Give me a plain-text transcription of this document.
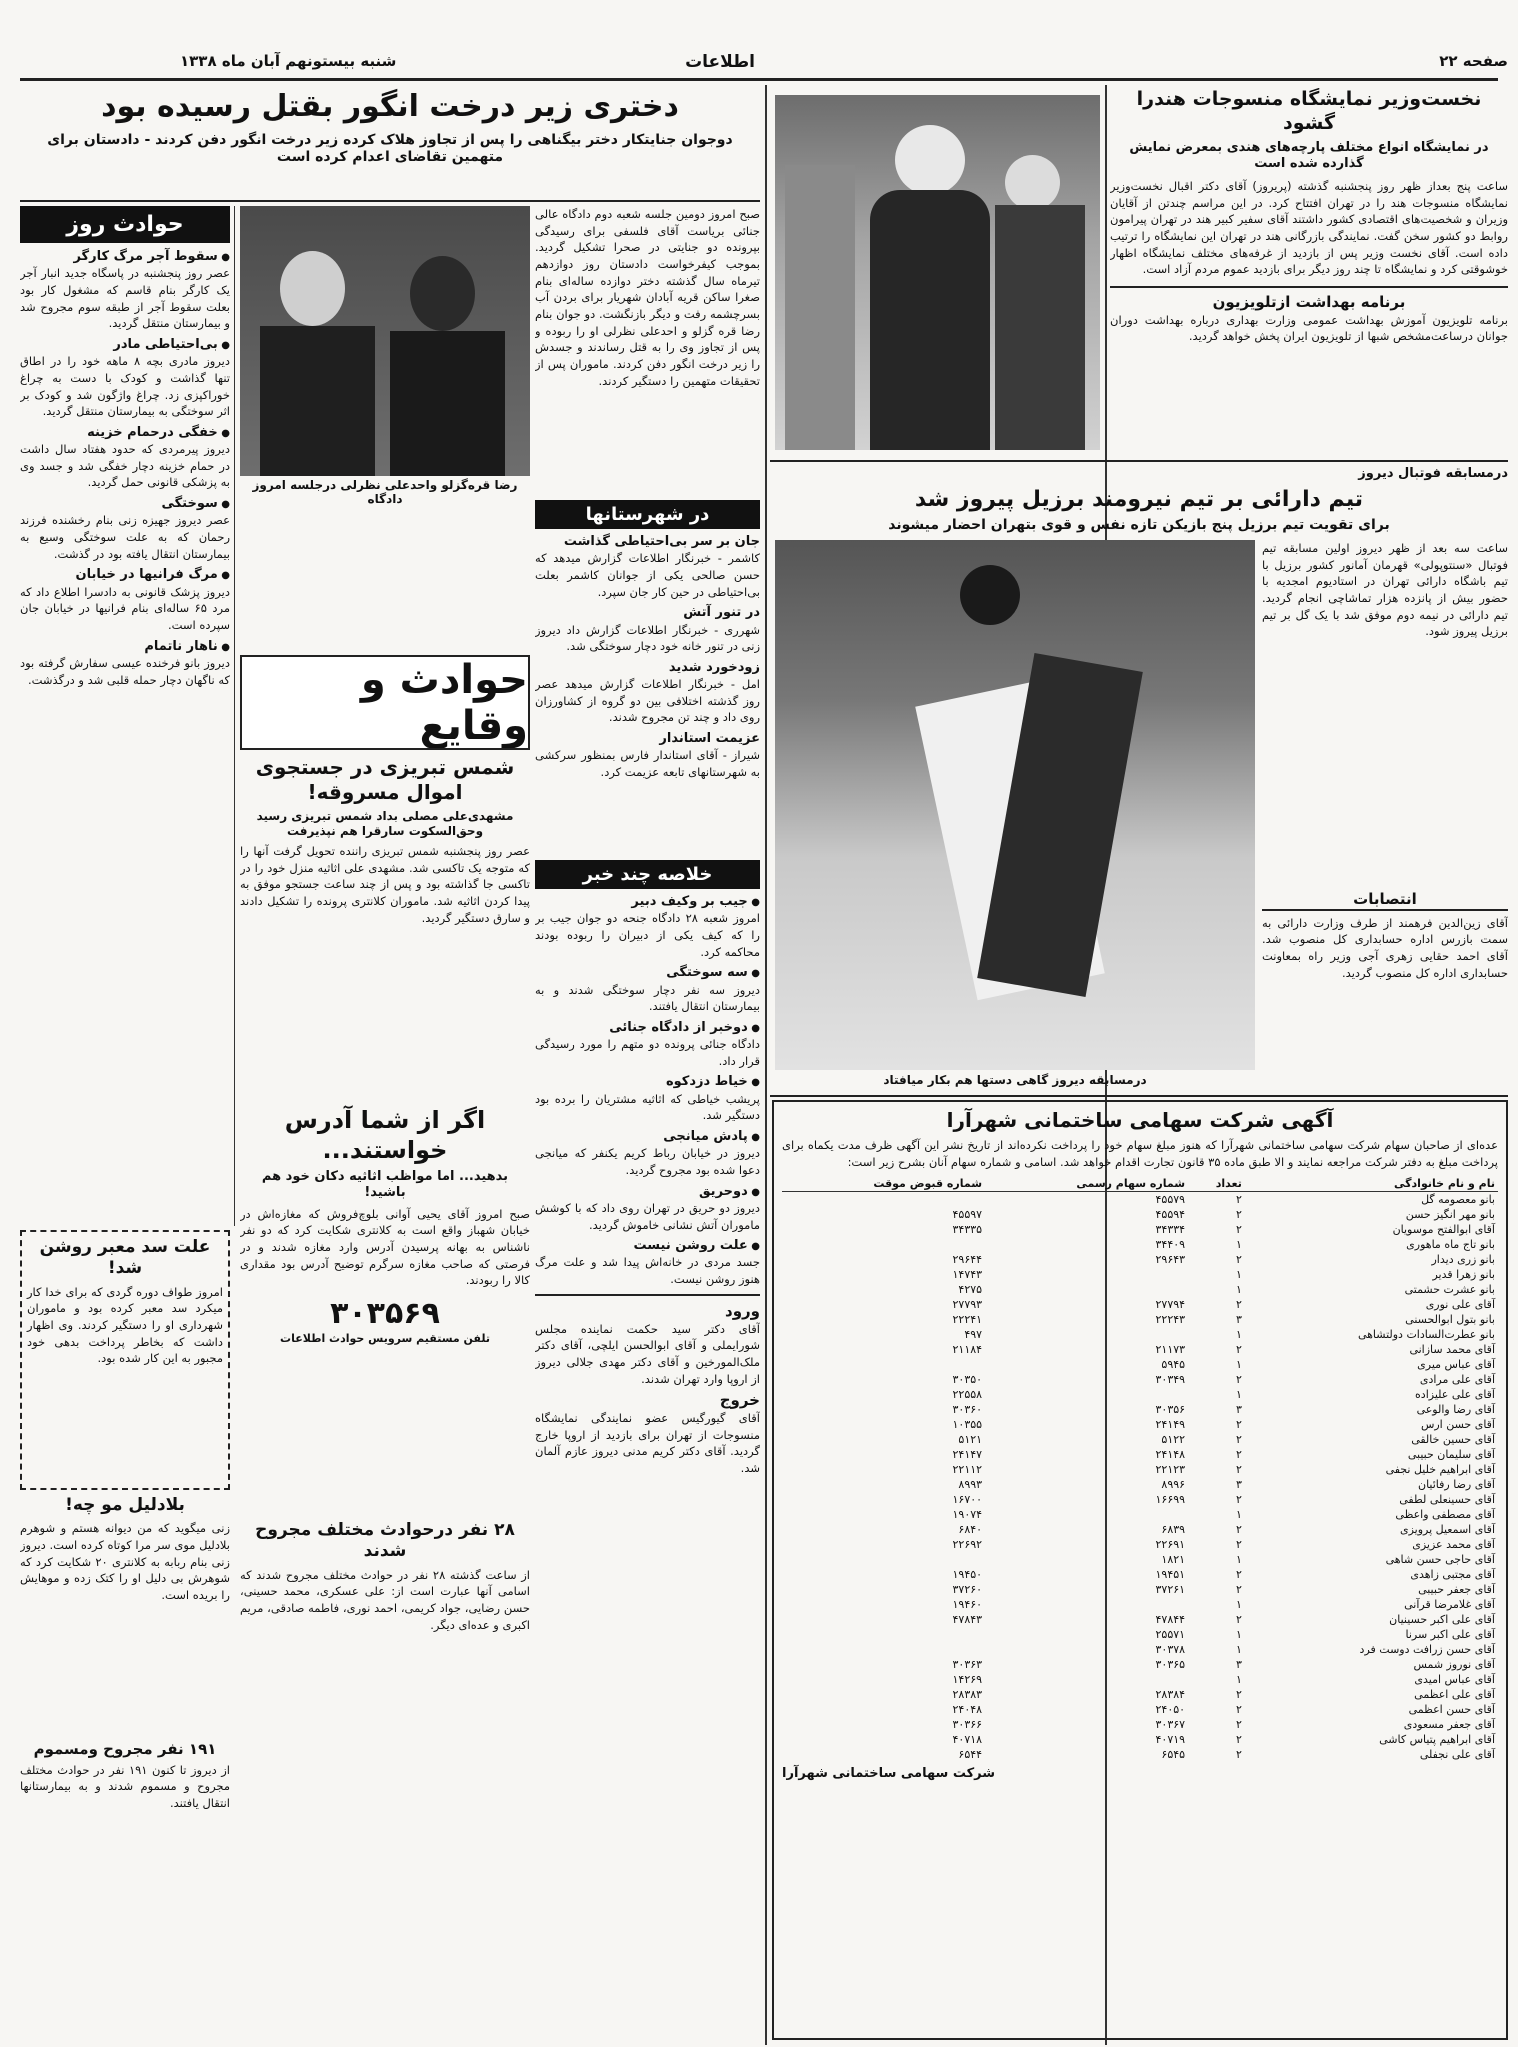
صفحه ۲۲
اطلاعات
شنبه بیستونهم آبان ماه ۱۳۳۸
نخست‌وزیر نمایشگاه منسوجات هندرا گشود
در نمایشگاه انواع مختلف پارچه‌های هندی بمعرض نمایش گذارده شده است
ساعت پنج بعداز ظهر روز پنجشنبه گذشته (پریروز) آقای دکتر اقبال نخست‌وزیر نمایشگاه منسوجات هند را در تهران افتتاح کرد. در این مراسم چندتن از آقایان وزیران و شخصیت‌های اقتصادی کشور داشتند آقای سفیر کبیر هند در تهران پیرامون روابط دو کشور سخن گفت. نمایندگی بازرگانی هند در تهران این نمایشگاه را ترتیب داده است. آقای نخست وزیر پس از بازدید از غرفه‌های مختلف نمایشگاه اظهار خوشوقتی کرد و نمایشگاه تا چند روز دیگر برای بازدید عموم مردم آزاد است.
برنامه بهداشت ازتلویزیون
برنامه تلویزیون آموزش بهداشت عمومی وزارت بهداری درباره بهداشت دوران جوانان درساعت‌مشخص شبها از تلویزیون ایران پخش خواهد گردید.
درمسابقه فوتبال دیروز
تیم دارائی بر تیم نیرومند برزیل پیروز شد
برای تقویت تیم برزیل پنج بازیکن تازه نفس و قوی بتهران احضار میشوند
درمسابقه دیروز گاهی دستها هم بکار میافتاد
ساعت سه بعد از ظهر دیروز اولین مسابقه تیم فوتبال «سنتوپولی» قهرمان آمانور کشور برزیل با تیم باشگاه دارائی تهران در استادیوم امجدیه با حضور بیش از پانزده هزار تماشاچی انجام گردید. تیم دارائی در نیمه دوم موفق شد با یک گل بر تیم برزیل پیروز شود.
انتصابات
آقای زین‌الدین فرهمند از طرف وزارت دارائی به سمت بازرس اداره حسابداری کل منصوب شد. آقای احمد حقایی زهری آجی وزیر راه بمعاونت حسابداری اداره کل منصوب گردید.
آگهی شرکت سهامی ساختمانی شهرآرا
عده‌ای از صاحبان سهام شرکت سهامی ساختمانی شهرآرا که هنوز مبلغ سهام خود را پرداخت نکرده‌اند از تاریخ نشر این آگهی ظرف مدت یکماه برای پرداخت مبلغ به دفتر شرکت مراجعه نمایند و الا طبق ماده ۳۵ قانون تجارت اقدام خواهد شد. اسامی و شماره سهام آنان بشرح زیر است:
نام و نام خانوادگی	تعداد	شماره سهام رسمی	شماره قبوض موقت
بانو معصومه گل	۲	۴۵۵۷۹	
بانو مهر انگیز حسن	۲	۴۵۵۹۴	۴۵۵۹۷
آقای ابوالفتح موسویان	۲	۳۴۳۳۴	۳۴۳۳۵
بانو تاج ماه ماهوری	۱	۳۴۴۰۹	
بانو زری دیدار	۲	۲۹۶۴۳	۲۹۶۴۴
بانو زهرا قدیر	۱		۱۴۷۴۳
بانو عشرت حشمتی	۱		۴۲۷۵
آقای علی نوری	۲	۲۷۷۹۴	۲۷۷۹۳
بانو بتول ابوالحسنی	۳	۲۲۲۴۳	۲۲۲۴۱
بانو عطرت‌السادات دولتشاهی	۱		۴۹۷
آقای محمد سازانی	۲	۲۱۱۷۳	۲۱۱۸۴
آقای عباس میری	۱	۵۹۴۵	
آقای علی مرادی	۲	۳۰۳۴۹	۳۰۳۵۰
آقای علی علیزاده	۱		۲۲۵۵۸
آقای رضا والوعی	۳	۳۰۳۵۶	۳۰۳۶۰
آقای حسن ارس	۲	۲۴۱۴۹	۱۰۳۵۵
آقای حسین خالقی	۲	۵۱۲۲	۵۱۲۱
آقای سلیمان حبیبی	۲	۲۴۱۴۸	۲۴۱۴۷
آقای ابراهیم خلیل نجفی	۲	۲۲۱۲۳	۲۲۱۱۲
آقای رضا رفائیان	۳	۸۹۹۶	۸۹۹۳
آقای حسینعلی لطفی	۲	۱۶۶۹۹	۱۶۷۰۰
آقای مصطفی واعظی	۱		۱۹۰۷۴
آقای اسمعیل پرویزی	۲	۶۸۳۹	۶۸۴۰
آقای محمد عزیزی	۲	۲۲۶۹۱	۲۲۶۹۲
آقای حاجی حسن شاهی	۱	۱۸۲۱	
آقای مجتبی زاهدی	۲	۱۹۴۵۱	۱۹۴۵۰
آقای جعفر حبیبی	۲	۳۷۲۶۱	۳۷۲۶۰
آقای غلامرضا قرآنی	۱		۱۹۴۶۰
آقای علی اکبر حسینیان	۲	۴۷۸۴۴	۴۷۸۴۳
آقای علی اکبر سرنا	۱	۲۵۵۷۱	
آقای حسن زرافت دوست فرد	۱	۳۰۳۷۸	
آقای نوروز شمس	۳	۳۰۳۶۵	۳۰۳۶۳
آقای عباس امیدی	۱		۱۴۲۶۹
آقای علی اعظمی	۲	۲۸۳۸۴	۲۸۳۸۳
آقای حسن اعظمی	۲	۲۴۰۵۰	۲۴۰۴۸
آقای جعفر مسعودی	۲	۳۰۳۶۷	۳۰۳۶۶
آقای ابراهیم پتیاس کاشی	۲	۴۰۷۱۹	۴۰۷۱۸
آقای علی نجفلی	۲	۶۵۴۵	۶۵۴۴
شرکت سهامی ساختمانی شهرآرا
دختری زیر درخت انگور بقتل رسیده بود
دوجوان جنایتکار دختر بیگناهی را پس از تجاوز هلاک کرده زیر درخت انگور دفن کردند - دادستان برای متهمین تقاضای اعدام کرده است
حوادث روز
● سقوط آجر مرگ کارگر
عصر روز پنجشنبه در پاسگاه جدید انبار آجر یک کارگر بنام قاسم که مشغول کار بود بعلت سقوط آجر از طبقه سوم مجروح شد و بیمارستان منتقل گردید.
● بی‌احتیاطی مادر
دیروز مادری بچه ۸ ماهه خود را در اطاق تنها گذاشت و کودک با دست به چراغ خوراکپزی زد. چراغ واژگون شد و کودک بر اثر سوختگی به بیمارستان منتقل گردید.
● خفگی درحمام خزینه
دیروز پیرمردی که حدود هفتاد سال داشت در حمام خزینه دچار خفگی شد و جسد وی به پزشکی قانونی حمل گردید.
● سوختگی
عصر دیروز جهیزه زنی بنام رخشنده فرزند رحمان که به علت سوختگی وسیع به بیمارستان انتقال یافته بود در گذشت.
● مرگ فرانیها در خیابان
دیروز پزشک قانونی به دادسرا اطلاع داد که مرد ۶۵ ساله‌ای بنام فرانیها در خیابان جان سپرده است.
● ناهار ناتمام
دیروز بانو فرخنده عیسی سفارش گرفته بود که ناگهان دچار حمله قلبی شد و درگذشت.
رضا قره‌گزلو واحدعلی نظرلی درجلسه امروز دادگاه
صبح امروز دومین جلسه شعبه دوم دادگاه عالی جنائی بریاست آقای فلسفی برای رسیدگی بپرونده دو جنایتی در صحرا تشکیل گردید. بموجب کیفرخواست دادستان روز دوازدهم تیرماه سال گذشته دختر دوازده ساله‌ای بنام صغرا ساکن قریه آبادان شهریار برای بردن آب بسرچشمه رفت و دیگر بازنگشت. دو جوان بنام رضا قره گزلو و احدعلی نظرلی او را ربوده و پس از تجاوز وی را به قتل رساندند و جسدش را زیر درخت انگور دفن کردند. ماموران پس از تحقیقات متهمین را دستگیر کردند.
در شهرستانها
جان بر سر بی‌احتیاطی گذاشت
کاشمر - خبرنگار اطلاعات گزارش میدهد که حسن صالحی یکی از جوانان کاشمر بعلت بی‌احتیاطی در حین کار جان سپرد.
در تنور آتش
شهرری - خبرنگار اطلاعات گزارش داد دیروز زنی در تنور خانه خود دچار سوختگی شد.
زودخورد شدید
امل - خبرنگار اطلاعات گزارش میدهد عصر روز گذشته اختلافی بین دو گروه از کشاورزان روی داد و چند تن مجروح شدند.
عزیمت استاندار
شیراز - آقای استاندار فارس بمنظور سرکشی به شهرستانهای تابعه عزیمت کرد.
حوادث و وقایع
شمس تبریزی در جستجوی اموال مسروقه!
مشهدی‌علی مصلی بداد شمس تبریزی رسید وحق‌السکوت سارقرا هم نپذیرفت
عصر روز پنجشنبه شمس تبریزی راننده تحویل گرفت آنها را که متوجه یک تاکسی شد. مشهدی علی اثاثیه منزل خود را در تاکسی جا گذاشته بود و پس از چند ساعت جستجو موفق به پیدا کردن اثاثیه شد. ماموران کلانتری پرونده را تشکیل دادند و سارق دستگیر گردید.
خلاصه چند خبر
● جیب بر وکیف دبیر
امروز شعبه ۲۸ دادگاه جنحه دو جوان جیب بر را که کیف یکی از دبیران را ربوده بودند محاکمه کرد.
● سه سوختگی
دیروز سه نفر دچار سوختگی شدند و به بیمارستان انتقال یافتند.
● دوخبر از دادگاه جنائی
دادگاه جنائی پرونده دو متهم را مورد رسیدگی قرار داد.
● خیاط دزدکوه
پریشب خیاطی که اثاثیه مشتریان را برده بود دستگیر شد.
● پادش میانجی
دیروز در خیابان رباط کریم یکنفر که میانجی دعوا شده بود مجروح گردید.
● دوحریق
دیروز دو حریق در تهران روی داد که با کوشش ماموران آتش نشانی خاموش گردید.
● علت روشن نیست
جسد مردی در خانه‌اش پیدا شد و علت مرگ هنوز روشن نیست.
ورود
آقای دکتر سید حکمت نماینده مجلس شورایملی و آقای ابوالحسن ایلچی، آقای دکتر ملک‌المورخین و آقای دکتر مهدی جلالی دیروز از اروپا وارد تهران شدند.
خروج
آقای گیورگیس عضو نمایندگی نمایشگاه منسوجات از تهران برای بازدید از اروپا خارج گردید. آقای دکتر کریم مدنی دیروز عازم آلمان شد.
اگر از شما آدرس خواستند...
بدهید... اما مواظب اثاثیه دکان خود هم باشید!
صبح امروز آقای یحیی آوانی بلوچ‌فروش که مغازه‌اش در خیابان شهباز واقع است به کلانتری شکایت کرد که دو نفر ناشناس به بهانه پرسیدن آدرس وارد مغازه شدند و در فرصتی که صاحب مغازه سرگرم توضیح آدرس بود مقداری کالا را ربودند.
۳۰۳۵۶۹
تلفن مستقیم سرویس حوادث اطلاعات
علت سد معبر روشن شد!
امروز طواف دوره گردی که برای خدا کار میکرد سد معبر کرده بود و ماموران شهرداری او را دستگیر کردند. وی اظهار داشت که بخاطر پرداخت بدهی خود مجبور به این کار شده بود.
بلادلیل مو چه!
زنی میگوید که من دیوانه هستم و شوهرم بلادلیل موی سر مرا کوتاه کرده است. دیروز زنی بنام ربابه به کلانتری ۲۰ شکایت کرد که شوهرش بی دلیل او را کتک زده و موهایش را بریده است.
۱۹۱ نفر مجروح ومسموم
از دیروز تا کنون ۱۹۱ نفر در حوادث مختلف مجروح و مسموم شدند و به بیمارستانها انتقال یافتند.
۲۸ نفر درحوادث مختلف مجروح شدند
از ساعت گذشته ۲۸ نفر در حوادث مختلف مجروح شدند که اسامی آنها عبارت است از: علی عسکری، محمد حسینی، حسن رضایی، جواد کریمی، احمد نوری، فاطمه صادقی، مریم اکبری و عده‌ای دیگر.
